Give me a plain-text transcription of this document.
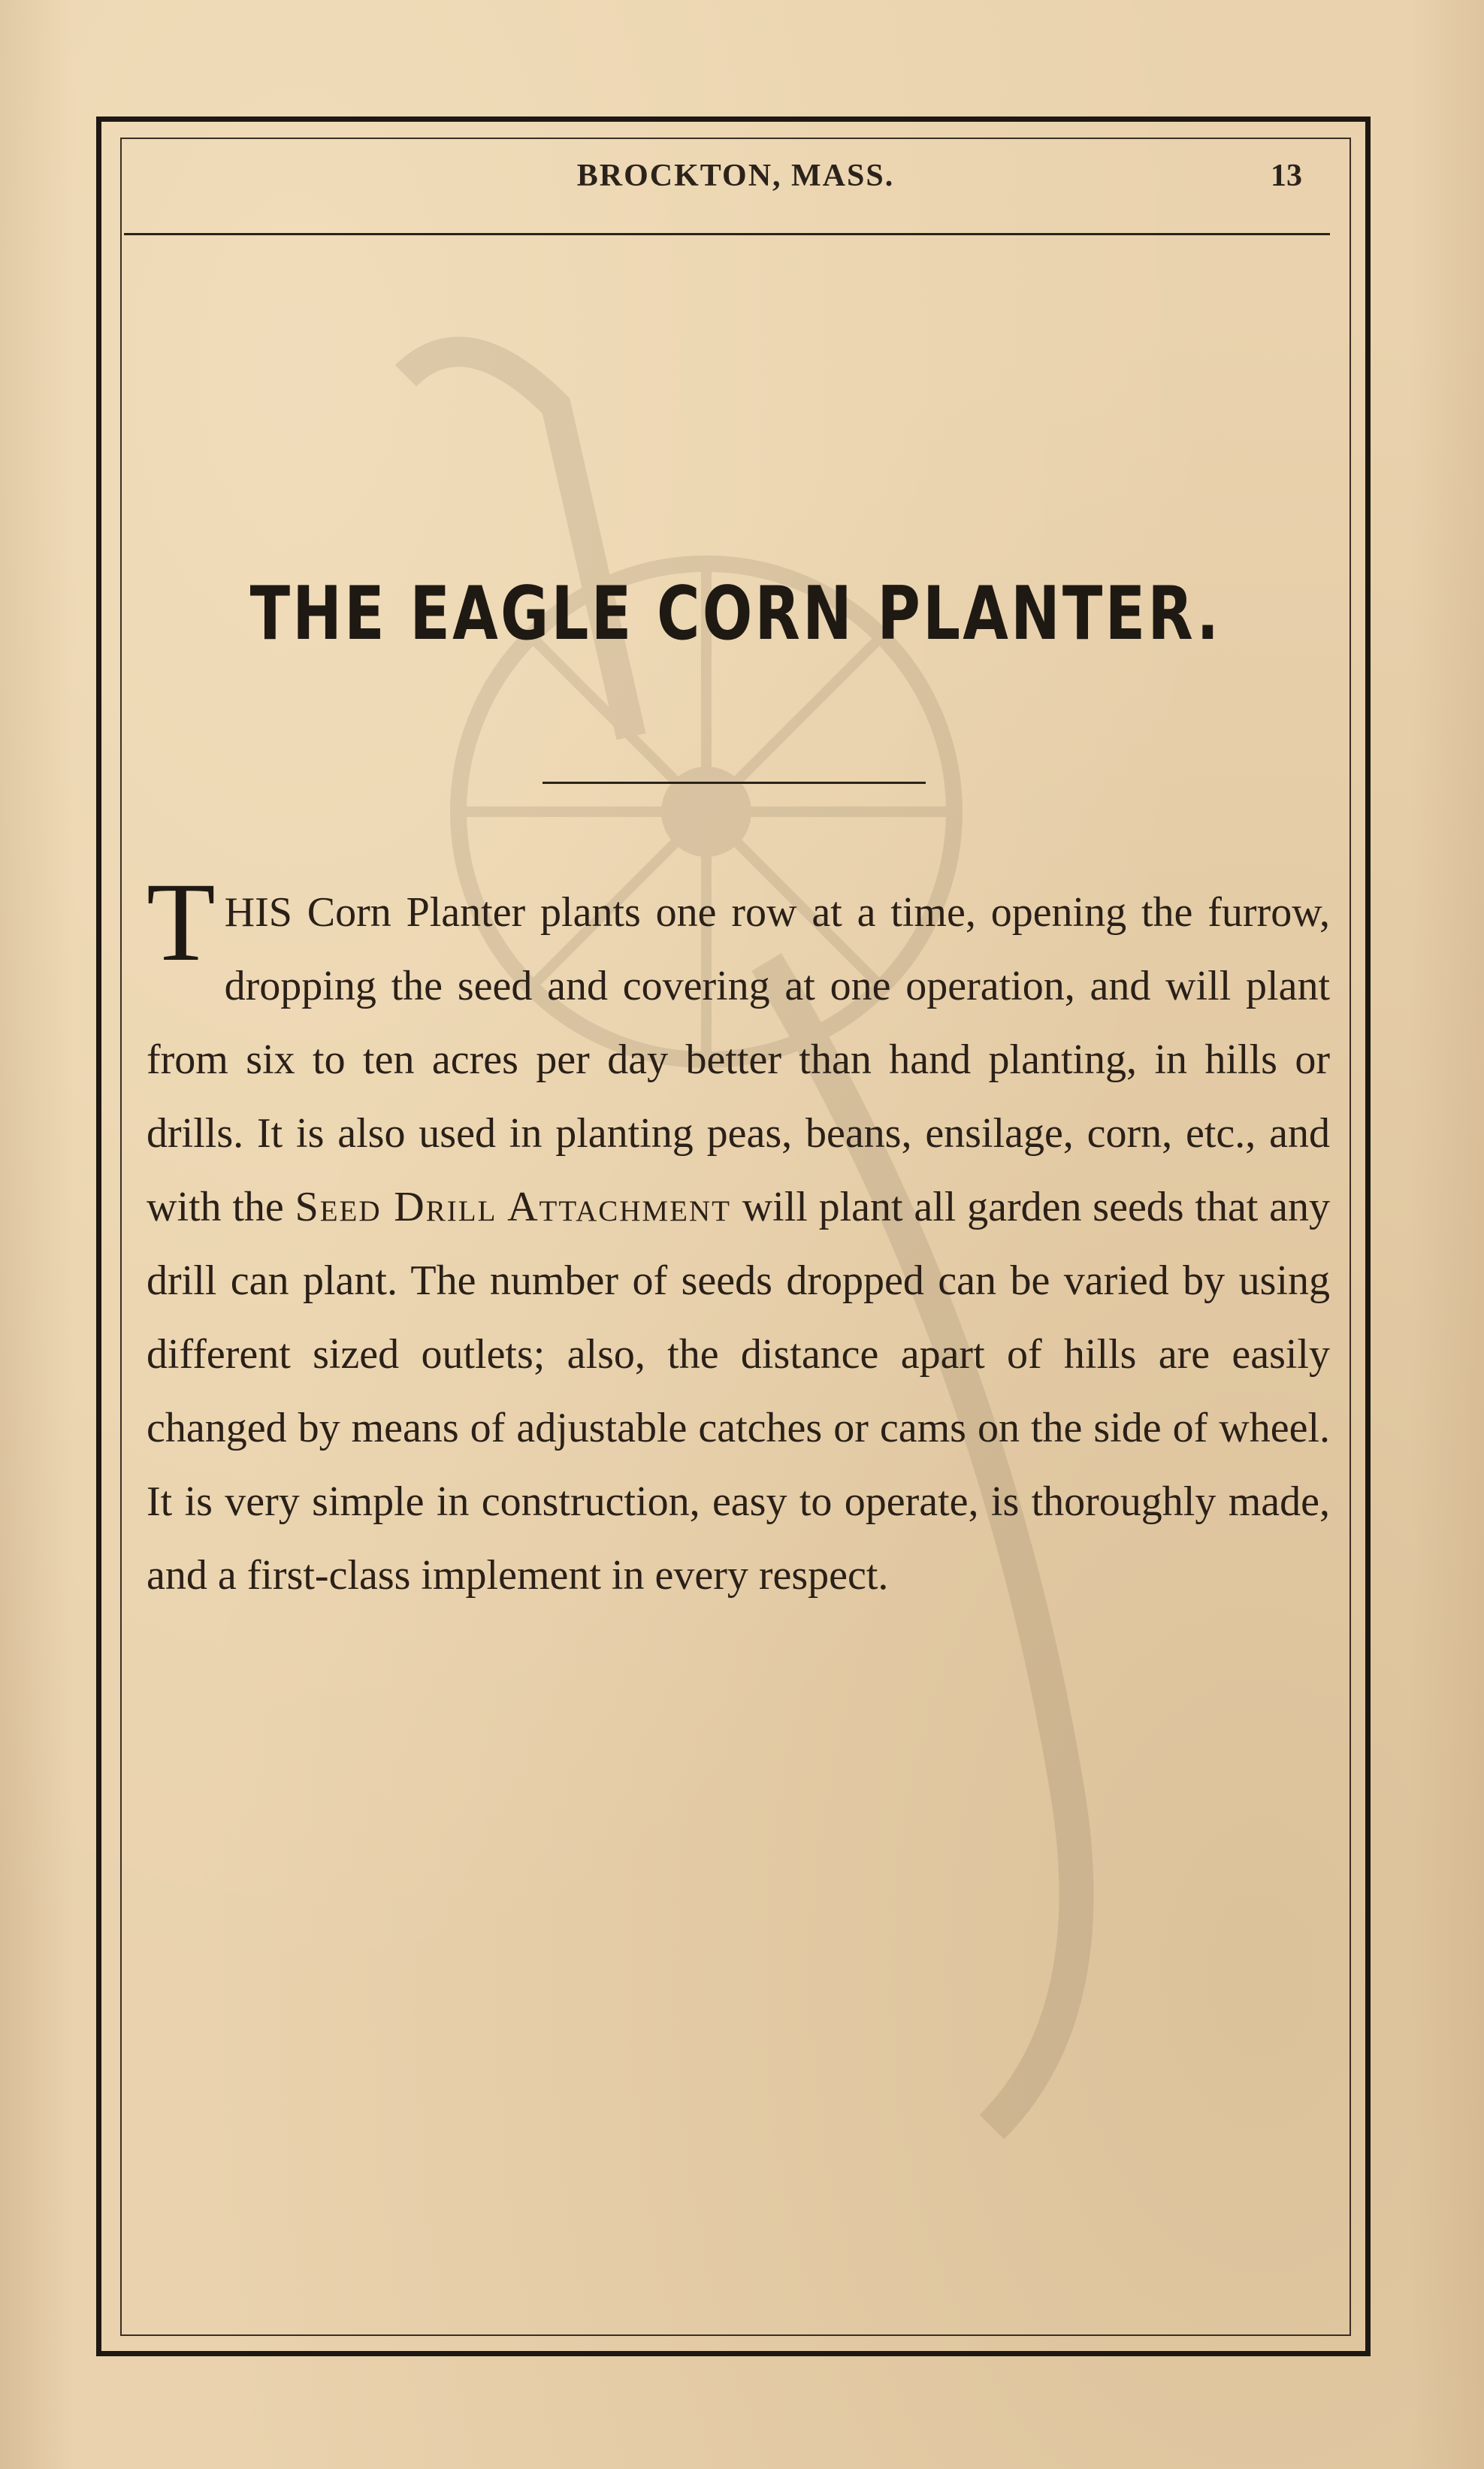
BROCKTON, MASS.	13
THE EAGLE CORN PLANTER.
THIS Corn Planter plants one row at a time, opening the furrow, dropping the seed and covering at one operation, and will plant from six to ten acres per day better than hand planting, in hills or drills. It is also used in planting peas, beans, ensilage, corn, etc., and with the Seed Drill Attachment will plant all garden seeds that any drill can plant. The number of seeds dropped can be varied by using different sized outlets; also, the distance apart of hills are easily changed by means of adjustable catches or cams on the side of wheel. It is very simple in construction, easy to operate, is thoroughly made, and a first-class implement in every respect.
